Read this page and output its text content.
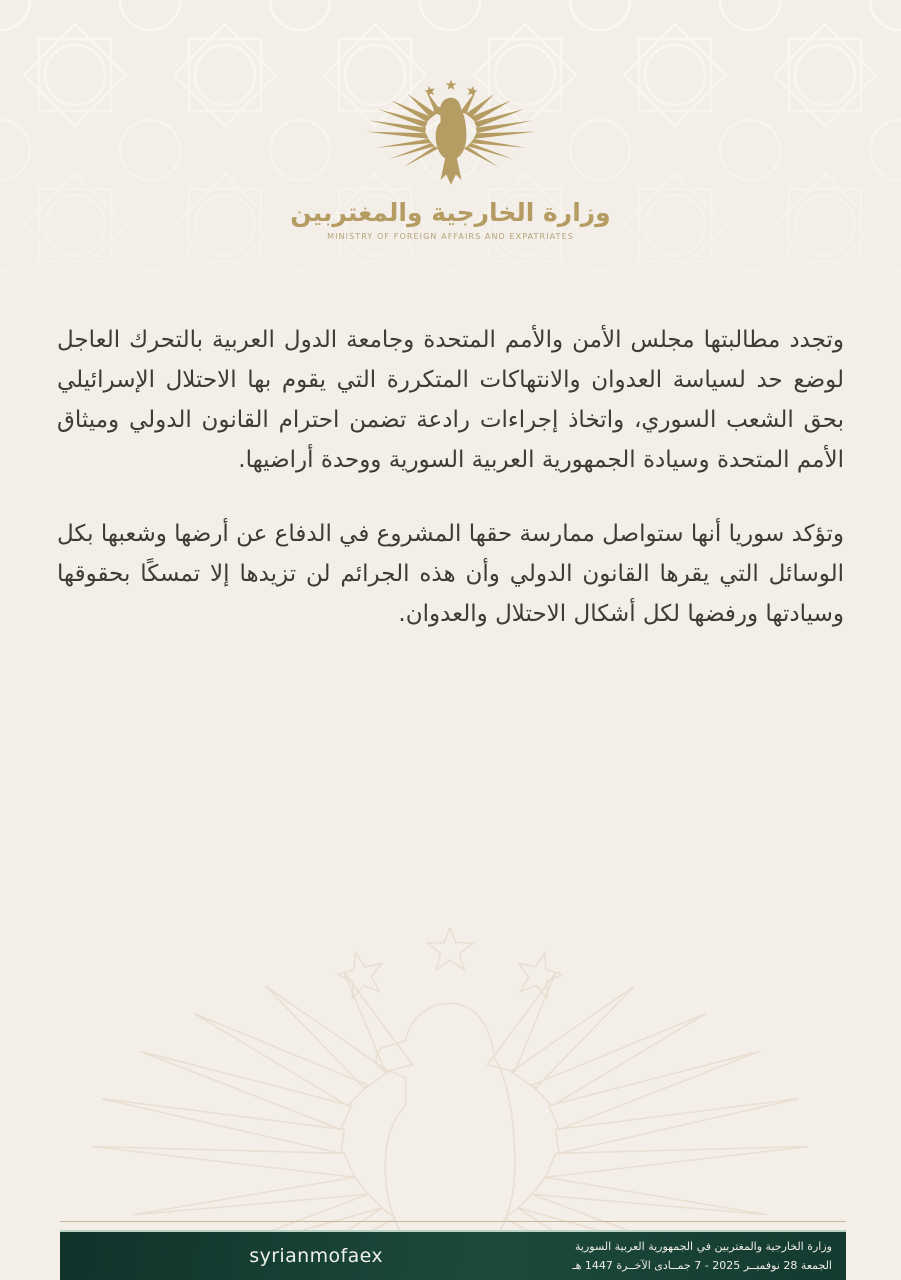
وزارة الخارجية والمغتربين
MINISTRY OF FOREIGN AFFAIRS AND EXPATRIATES

وتجدد مطالبتها مجلس الأمن والأمم المتحدة وجامعة الدول العربية بالتحرك العاجل لوضع حد لسياسة العدوان والانتهاكات المتكررة التي يقوم بها الاحتلال الإسرائيلي بحق الشعب السوري، واتخاذ إجراءات رادعة تضمن احترام القانون الدولي وميثاق الأمم المتحدة وسيادة الجمهورية العربية السورية ووحدة أراضيها.

وتؤكد سوريا أنها ستواصل ممارسة حقها المشروع في الدفاع عن أرضها وشعبها بكل الوسائل التي يقرها القانون الدولي وأن هذه الجرائم لن تزيدها إلا تمسكًا بحقوقها وسيادتها ورفضها لكل أشكال الاحتلال والعدوان.

syrianmofaex	وزارة الخارجية والمغتربين في الجمهورية العربية السورية
الجمعة 28 نوفمبــر 2025 - 7 جمــادى الآخــرة 1447 هـ
